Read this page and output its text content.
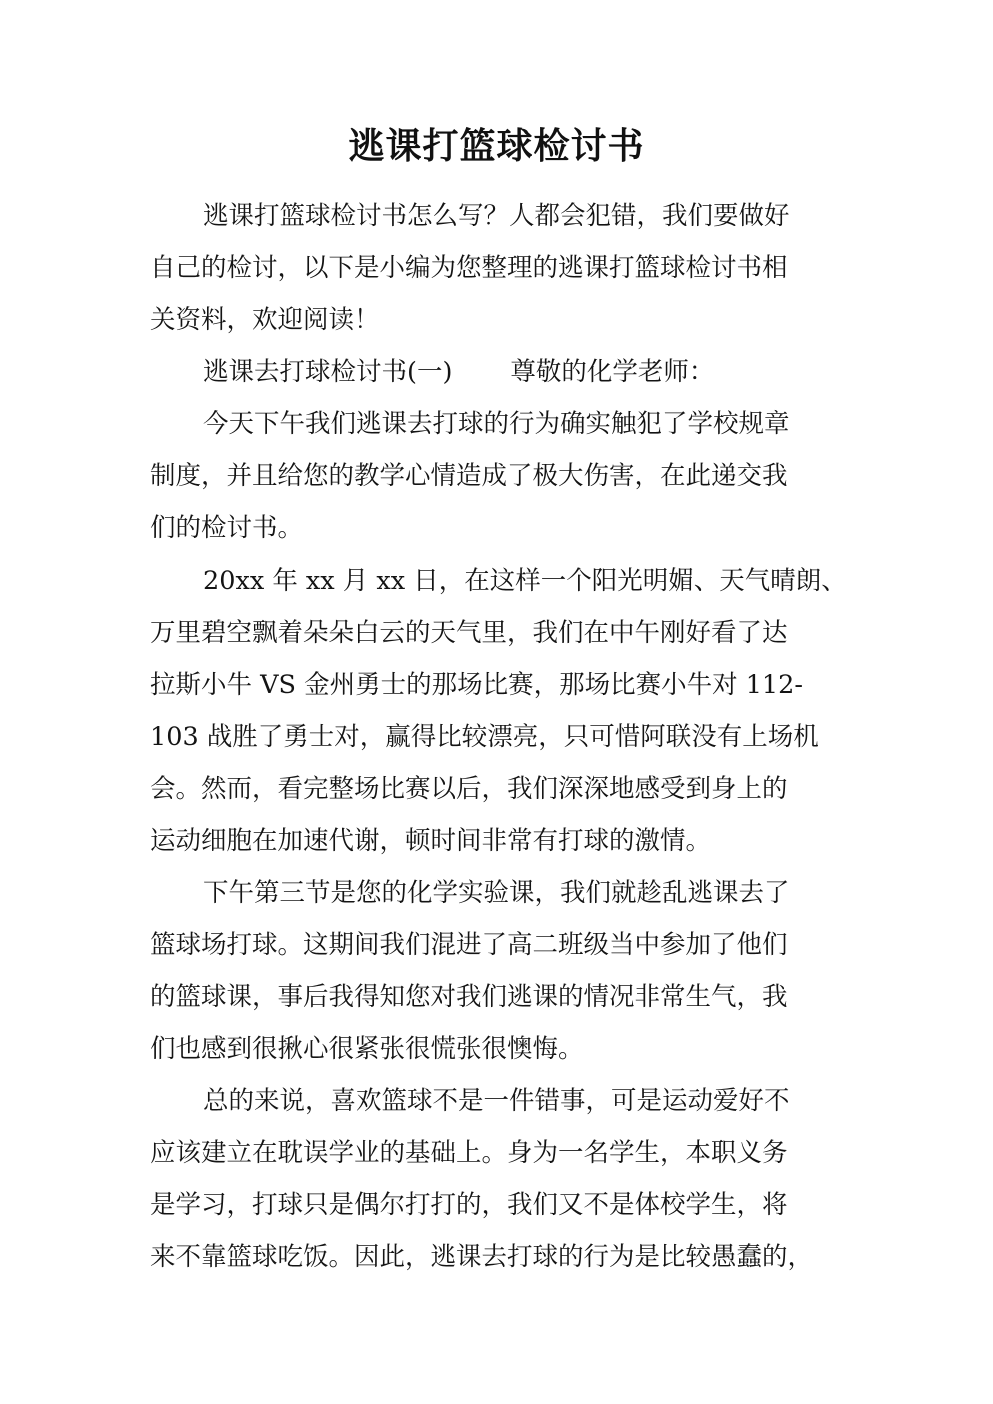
逃课打篮球检讨书
逃课打篮球检讨书怎么写？人都会犯错，我们要做好
自己的检讨，以下是小编为您整理的逃课打篮球检讨书相
关资料，欢迎阅读！
逃课去打球检讨书(一) 尊敬的化学老师：
今天下午我们逃课去打球的行为确实触犯了学校规章
制度，并且给您的教学心情造成了极大伤害，在此递交我
们的检讨书。
20xx 年 xx 月 xx 日，在这样一个阳光明媚、天气晴朗、
万里碧空飘着朵朵白云的天气里，我们在中午刚好看了达
拉斯小牛 VS 金州勇士的那场比赛，那场比赛小牛对 112-
103 战胜了勇士对，赢得比较漂亮，只可惜阿联没有上场机
会。然而，看完整场比赛以后，我们深深地感受到身上的
运动细胞在加速代谢，顿时间非常有打球的激情。
下午第三节是您的化学实验课，我们就趁乱逃课去了
篮球场打球。这期间我们混进了高二班级当中参加了他们
的篮球课，事后我得知您对我们逃课的情况非常生气，我
们也感到很揪心很紧张很慌张很懊悔。
总的来说，喜欢篮球不是一件错事，可是运动爱好不
应该建立在耽误学业的基础上。身为一名学生，本职义务
是学习，打球只是偶尔打打的，我们又不是体校学生，将
来不靠篮球吃饭。因此，逃课去打球的行为是比较愚蠢的，
